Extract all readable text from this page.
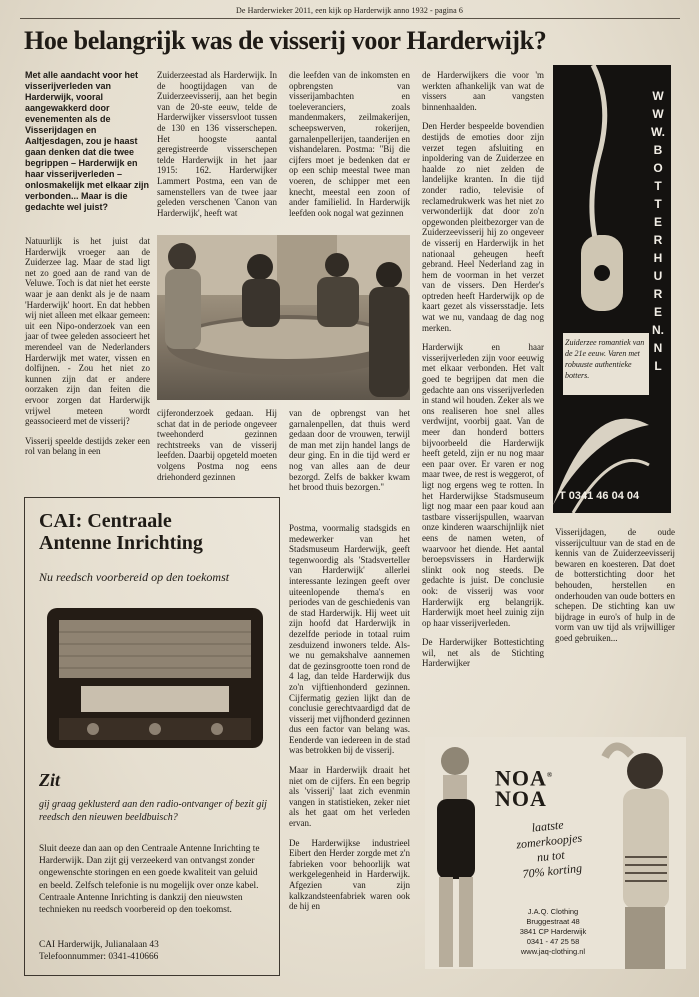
De Harderwieker 2011, een kijk op Harderwijk anno 1932 - pagina 6
Hoe belangrijk was de visserij voor Harderwijk?
Met alle aandacht voor het visserijverleden van Harderwijk, vooral aangewakkerd door evenementen als de Visserijdagen en Aaltjesdagen, zou je haast gaan denken dat die twee begrippen – Harderwijk en haar visserijverleden – onlosmakelijk met elkaar zijn verbonden... Maar is die gedachte wel juist?

Natuurlijk is het juist dat Harderwijk vroeger aan de Zuiderzee lag. Maar de stad ligt net zo goed aan de rand van de Veluwe. Toch is dat niet het eerste waar je aan denkt als je de naam 'Harderwijk' hoort. En dat hebben wij niet alleen met elkaar gemeen: uit een Nipo-onderzoek van een jaar of twee geleden associeert het merendeel van de Nederlanders Harderwijk met water, vissen en dolfijnen. - Zou het niet zo kunnen zijn dat er andere oorzaken zijn dan feiten die ervoor zorgen dat Harderwijk vrijwel meteen wordt geassocieerd met de visserij?

Visserij speelde destijds zeker een rol van belang in een

Zuiderzeestad als Harderwijk. In de hoogtijdagen van de Zuiderzeevisserij, aan het begin van de 20-ste eeuw, telde de Harderwijker vissersvloot tussen de 130 en 136 visserschepen. Het hoogste aantal geregistreerde visserschepen telde Harderwijk in het jaar 1915: 162. Harderwijker Lammert Postma, een van de samenstellers van de twee jaar geleden verschenen 'Canon van Harderwijk', heeft wat
cijferonderzoek gedaan. Hij schat dat in de periode ongeveer tweehonderd gezinnen rechtstreeks van de visserij leefden. Daarbij opgeteld moeten volgens Postma nog eens driehonderd gezinnen
die leefden van de inkomsten en opbrengsten van visserijambachten en toeleveranciers, zoals mandenmakers, zeilmakerijen, scheepswerven, rokerijen, garnalenpellerijen, taanderijen en vishandelaren. Postma: "Bij die cijfers moet je bedenken dat er op een schip meestal twee man voeren, de schipper met een knecht, meestal een zoon of ander familielid. In Harderwijk leefden ook nogal wat gezinnen
van de opbrengst van het garnalenpellen, dat thuis werd gedaan door de vrouwen, terwijl de man met zijn handel langs de deur ging. En in die tijd werd er nog van alles aan de deur bezorgd. Zelfs de bakker kwam het brood thuis bezorgen."

Postma, voormalig stadsgids en medewerker van het Stadsmuseum Harderwijk, geeft tegenwoordig als 'Stadsverteller van Harderwijk' allerlei interessante lezingen geeft over uiteenlopende thema's en periodes van de geschiedenis van de stad Harderwijk. Hij weet uit zijn hoofd dat Harderwijk in dezelfde periode in totaal ruim zesduizend inwoners telde. Als- we nu gemakshalve aannemen dat de gezinsgrootte toen rond de 4 lag, dan telde Harderwijk dus zo'n vijftienhonderd gezinnen. Cijfermatig gezien lijkt dan de conclusie gerechtvaardigd dat de visserij met vijfhonderd gezinnen dus een factor van belang was. Eenderde van iedereen in de stad was betrokken bij de visserij.

Maar in Harderwijk draait het niet om de cijfers. En een begrip als 'visserij' laat zich evenmin vangen in statistieken, zeker niet als het gaat om het verleden ervan.

De Harderwijkse industrieel Eibert den Herder zorgde met z'n fabrieken voor behoorlijk wat werkgelegenheid in Harderwijk. Afgezien van zijn kalkzandsteenfabriek waren ook de hij en

de Harderwijkers die voor 'm werkten afhankelijk van wat de vissers aan vangsten binnenhaalden.

Den Herder bespeelde bovendien destijds de emoties door zijn verzet tegen afsluiting en inpoldering van de Zuiderzee en haalde zo niet zelden de landelijke kranten. In die tijd zonder radio, televisie of reclamedrukwerk was het niet zo verwonderlijk dat door zo'n opgewonden pleitbezorger van de Zuiderzeevisserij hij zo ongeveer de visserij en Harderwijk in het nationaal geheugen heeft gebrand. Heel Nederland zag in hem de voorman in het verzet van de vissers. Den Herder's optreden heeft Harderwijk op de kaart gezet als vissersstadje. Iets wat we nu, vandaag de dag nog merken.

Harderwijk en haar visserijverleden zijn voor eeuwig met elkaar verbonden. Het valt goed te begrijpen dat men die gedachte aan ons visserijverleden in stand wil houden. Zeker als we ons realiseren hoe snel alles verdwijnt, voorbij gaat. Van de meer dan honderd botters bijvoorbeeld die Harderwijk heeft geteld, zijn er nu nog maar een paar over. Er varen er nog maar twee, de rest is weggerot, of ligt nog ergens weg te rotten. In het Harderwijkse Stadsmuseum ligt nog maar een paar koud aan tastbare visserijspullen, waarvan onze kinderen waarschijnlijk niet eens de namen weten, of waarvoor het diende. Het aantal beroepsvissers in Harderwijk slinkt ook nog steeds. De gedachte is juist. De conclusie ook: de visserij was voor Harderwijk erg belangrijk. Harderwijk moet heel zuinig zijn op haar visserijverleden.

De Harderwijker Bottestichting wil, net als de Stichting Harderwijker

Visserijdagen, de oude visserijcultuur van de stad en de kennis van de Zuiderzeevisserij bewaren en koesteren. Dat doet de botterstichting door het behouden, herstellen en onderhouden van oude botters en schepen. De stichting kan uw bijdrage in euro's of hulp in de vorm van uw tijd als vrijwilliger goed gebruiken...
CAI: Centraale
Antenne Inrichting
Nu reedsch voorbereid op den toekomst
Zit
gij graag geklusterd aan den radio-ontvanger of bezit gij reedsch den nieuwen beeldbuisch?
Sluit deeze dan aan op den Centraale Antenne Inrichting te Harderwijk. Dan zijt gij verzeekerd van ontvangst zonder ongewenschte storingen en een goede kwaliteit van geluid en beeld. Zelfsch telefonie is nu mogelijk over onze kabel. Centraale Antenne Inrichting is dankzij den nieuwsten technieken nu reedsch voorbereid op den toekomst.
CAI Harderwijk, Julianalaan 43
Telefoonnummer: 0341-410666
WWW.BOTTERHUREN.NL
Zuiderzee romantiek van de 21e eeuw. Varen met robuuste authentieke botters.
T 0341 46 04 04
NOA®
NOA
laatste
zomerkoopjes
nu tot
70% korting
J.A.Q. Clothing
Bruggestraat 48
3841 CP Harderwijk
0341 - 47 25 58
www.jaq-clothing.nl
